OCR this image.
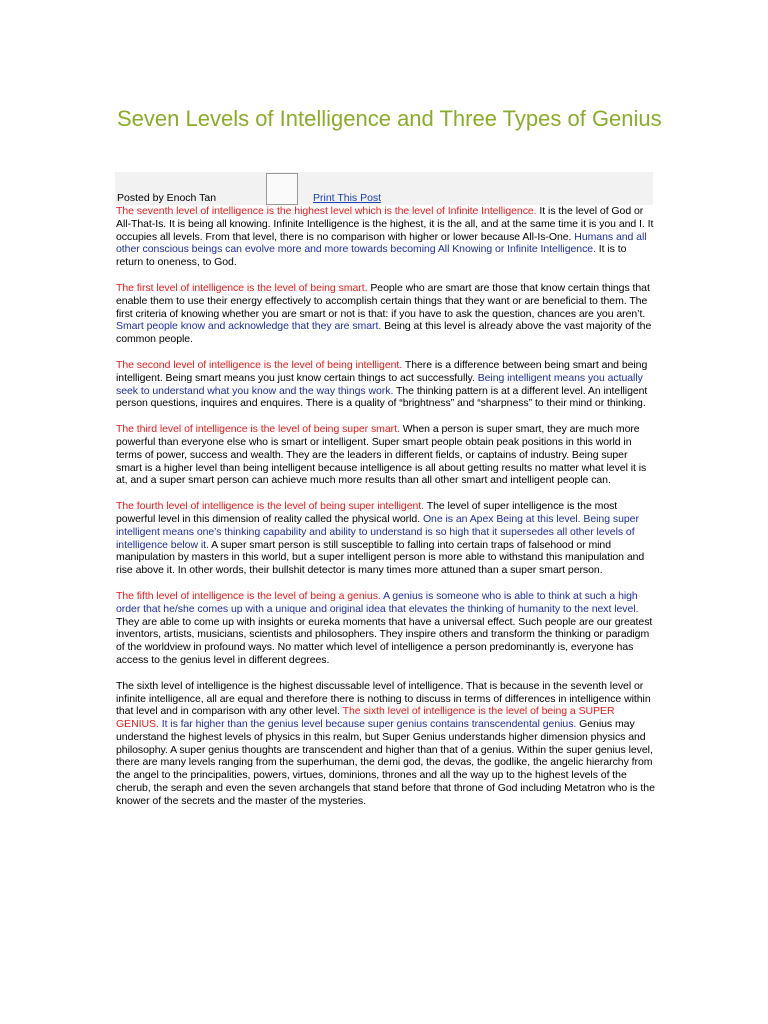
Seven Levels of Intelligence and Three Types of Genius
Posted by Enoch Tan	Print This Post

The seventh level of intelligence is the highest level which is the level of Infinite Intelligence. It is the level of God or All-That-Is. It is being all knowing. Infinite Intelligence is the highest, it is the all, and at the same time it is you and I. It occupies all levels. From that level, there is no comparison with higher or lower because All-Is-One. Humans and all other conscious beings can evolve more and more towards becoming All Knowing or Infinite Intelligence. It is to return to oneness, to God.

The first level of intelligence is the level of being smart. People who are smart are those that know certain things that enable them to use their energy effectively to accomplish certain things that they want or are beneficial to them. The first criteria of knowing whether you are smart or not is that: if you have to ask the question, chances are you aren’t. Smart people know and acknowledge that they are smart. Being at this level is already above the vast majority of the common people.

The second level of intelligence is the level of being intelligent. There is a difference between being smart and being intelligent. Being smart means you just know certain things to act successfully. Being intelligent means you actually seek to understand what you know and the way things work. The thinking pattern is at a different level. An intelligent person questions, inquires and enquires. There is a quality of “brightness” and “sharpness” to their mind or thinking.

The third level of intelligence is the level of being super smart. When a person is super smart, they are much more powerful than everyone else who is smart or intelligent. Super smart people obtain peak positions in this world in terms of power, success and wealth. They are the leaders in different fields, or captains of industry. Being super smart is a higher level than being intelligent because intelligence is all about getting results no matter what level it is at, and a super smart person can achieve much more results than all other smart and intelligent people can.

The fourth level of intelligence is the level of being super intelligent. The level of super intelligence is the most powerful level in this dimension of reality called the physical world. One is an Apex Being at this level. Being super intelligent means one’s thinking capability and ability to understand is so high that it supersedes all other levels of intelligence below it. A super smart person is still susceptible to falling into certain traps of falsehood or mind manipulation by masters in this world, but a super intelligent person is more able to withstand this manipulation and rise above it. In other words, their bullshit detector is many times more attuned than a super smart person.

The fifth level of intelligence is the level of being a genius. A genius is someone who is able to think at such a high order that he/she comes up with a unique and original idea that elevates the thinking of humanity to the next level. They are able to come up with insights or eureka moments that have a universal effect. Such people are our greatest inventors, artists, musicians, scientists and philosophers. They inspire others and transform the thinking or paradigm of the worldview in profound ways. No matter which level of intelligence a person predominantly is, everyone has access to the genius level in different degrees.

The sixth level of intelligence is the highest discussable level of intelligence. That is because in the seventh level or infinite intelligence, all are equal and therefore there is nothing to discuss in terms of differences in intelligence within that level and in comparison with any other level. The sixth level of intelligence is the level of being a SUPER GENIUS. It is far higher than the genius level because super genius contains transcendental genius. Genius may understand the highest levels of physics in this realm, but Super Genius understands higher dimension physics and philosophy. A super genius thoughts are transcendent and higher than that of a genius. Within the super genius level, there are many levels ranging from the superhuman, the demi god, the devas, the godlike, the angelic hierarchy from the angel to the principalities, powers, virtues, dominions, thrones and all the way up to the highest levels of the cherub, the seraph and even the seven archangels that stand before that throne of God including Metatron who is the knower of the secrets and the master of the mysteries.
